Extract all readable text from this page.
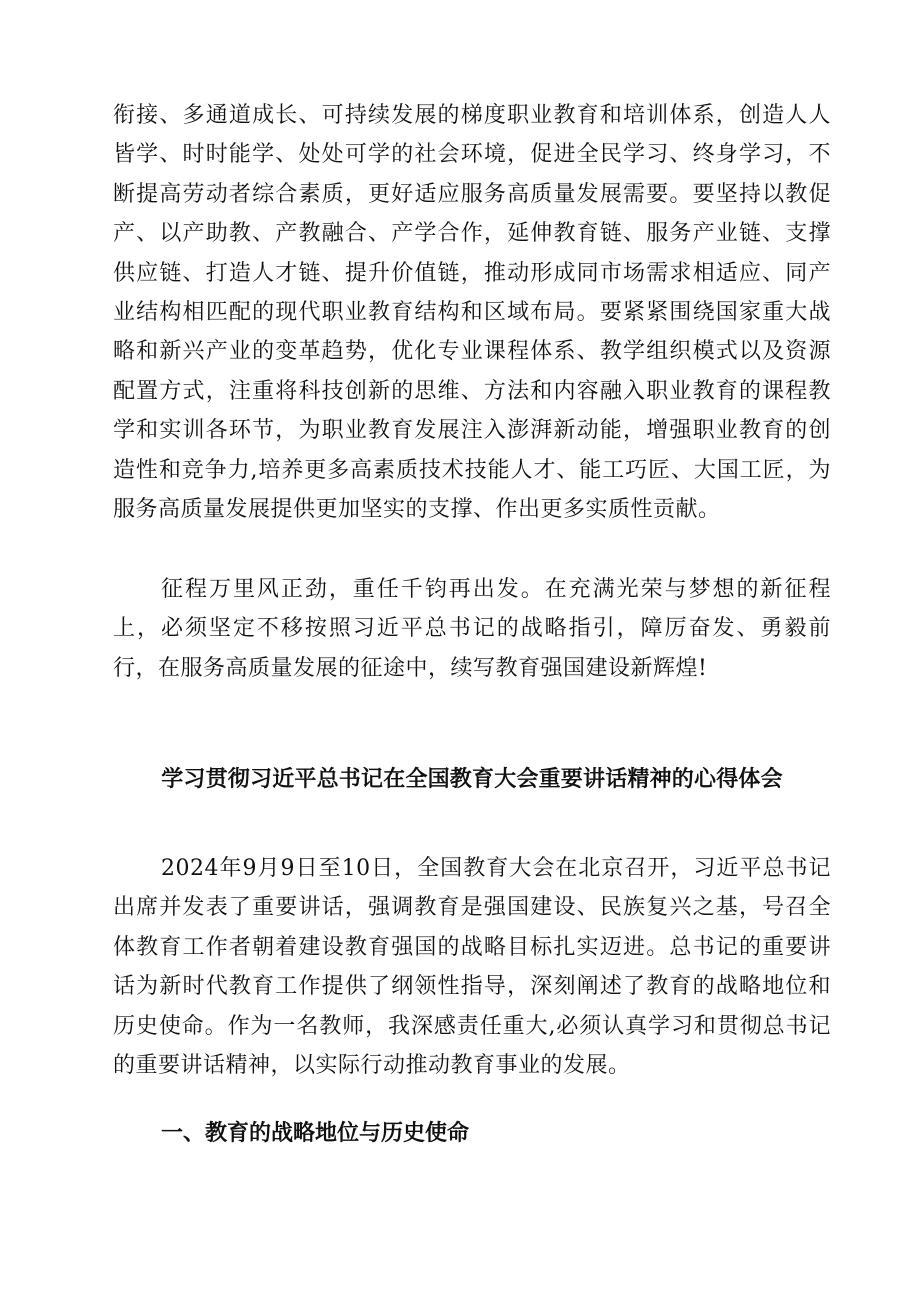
衔接、多通道成长、可持续发展的梯度职业教育和培训体系，创造人人皆学、时时能学、处处可学的社会环境，促进全民学习、终身学习，不断提高劳动者综合素质，更好适应服务高质量发展需要。要坚持以教促产、以产助教、产教融合、产学合作，延伸教育链、服务产业链、支撑供应链、打造人才链、提升价值链，推动形成同市场需求相适应、同产业结构相匹配的现代职业教育结构和区域布局。要紧紧围绕国家重大战略和新兴产业的变革趋势，优化专业课程体系、教学组织模式以及资源配置方式，注重将科技创新的思维、方法和内容融入职业教育的课程教学和实训各环节，为职业教育发展注入澎湃新动能，增强职业教育的创造性和竞争力,培养更多高素质技术技能人才、能工巧匠、大国工匠，为服务高质量发展提供更加坚实的支撑、作出更多实质性贡献。

征程万里风正劲，重任千钧再出发。在充满光荣与梦想的新征程上，必须坚定不移按照习近平总书记的战略指引，障厉奋发、勇毅前行，在服务高质量发展的征途中，续写教育强国建设新辉煌!

学习贯彻习近平总书记在全国教育大会重要讲话精神的心得体会

2024年9月9日至10日，全国教育大会在北京召开，习近平总书记出席并发表了重要讲话，强调教育是强国建设、民族复兴之基，号召全体教育工作者朝着建设教育强国的战略目标扎实迈进。总书记的重要讲话为新时代教育工作提供了纲领性指导，深刻阐述了教育的战略地位和历史使命。作为一名教师，我深感责任重大,必须认真学习和贯彻总书记的重要讲话精神，以实际行动推动教育事业的发展。

一、教育的战略地位与历史使命
